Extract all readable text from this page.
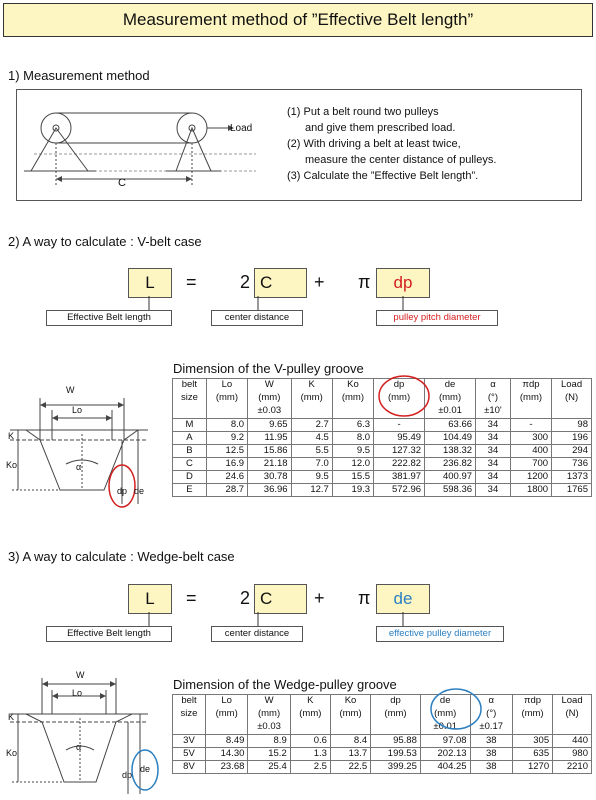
Measurement method of ”Effective Belt length”
1) Measurement method
Load
C
(1) Put a belt round two pulleys
and give them prescribed load.
(2) With driving a belt at least twice,
measure the center distance of pulleys.
(3) Calculate the ”Effective Belt length”.
2) A way to calculate : V-belt case
L	= 2 C	+ π	dp
Effective Belt length	center distance	pulley pitch diameter
Dimension of the V-pulley groove
W
Lo
K
Ko	α
dp de
belt	Lo	W	K	Ko	dp	de	α	πdp	Load
size	(mm)	(mm)	(mm)	(mm)	(mm)	(mm)	(°)	(mm)	(N)
		±0.03				±0.01	±10'		
M	8.0	9.65	2.7	6.3	-	63.66	34	-	98
A	9.2	11.95	4.5	8.0	95.49	104.49	34	300	196
B	12.5	15.86	5.5	9.5	127.32	138.32	34	400	294
C	16.9	21.18	7.0	12.0	222.82	236.82	34	700	736
D	24.6	30.78	9.5	15.5	381.97	400.97	34	1200	1373
E	28.7	36.96	12.7	19.3	572.96	598.36	34	1800	1765
3) A way to calculate : Wedge-belt case
L	= 2 C	+ π	de
Effective Belt length	center distance	effective pulley diameter
Dimension of the Wedge-pulley groove
W
Lo
K
Ko
α
dp
de
belt	Lo	W	K	Ko	dp	de	α	πdp	Load
size	(mm)	(mm)	(mm)	(mm)	(mm)	(mm)	(°)	(mm)	(N)
		±0.03				±0.01	±0.17		
3V	8.49	8.9	0.6	8.4	95.88	97.08	38	305	440
5V	14.30	15.2	1.3	13.7	199.53	202.13	38	635	980
8V	23.68	25.4	2.5	22.5	399.25	404.25	38	1270	2210
